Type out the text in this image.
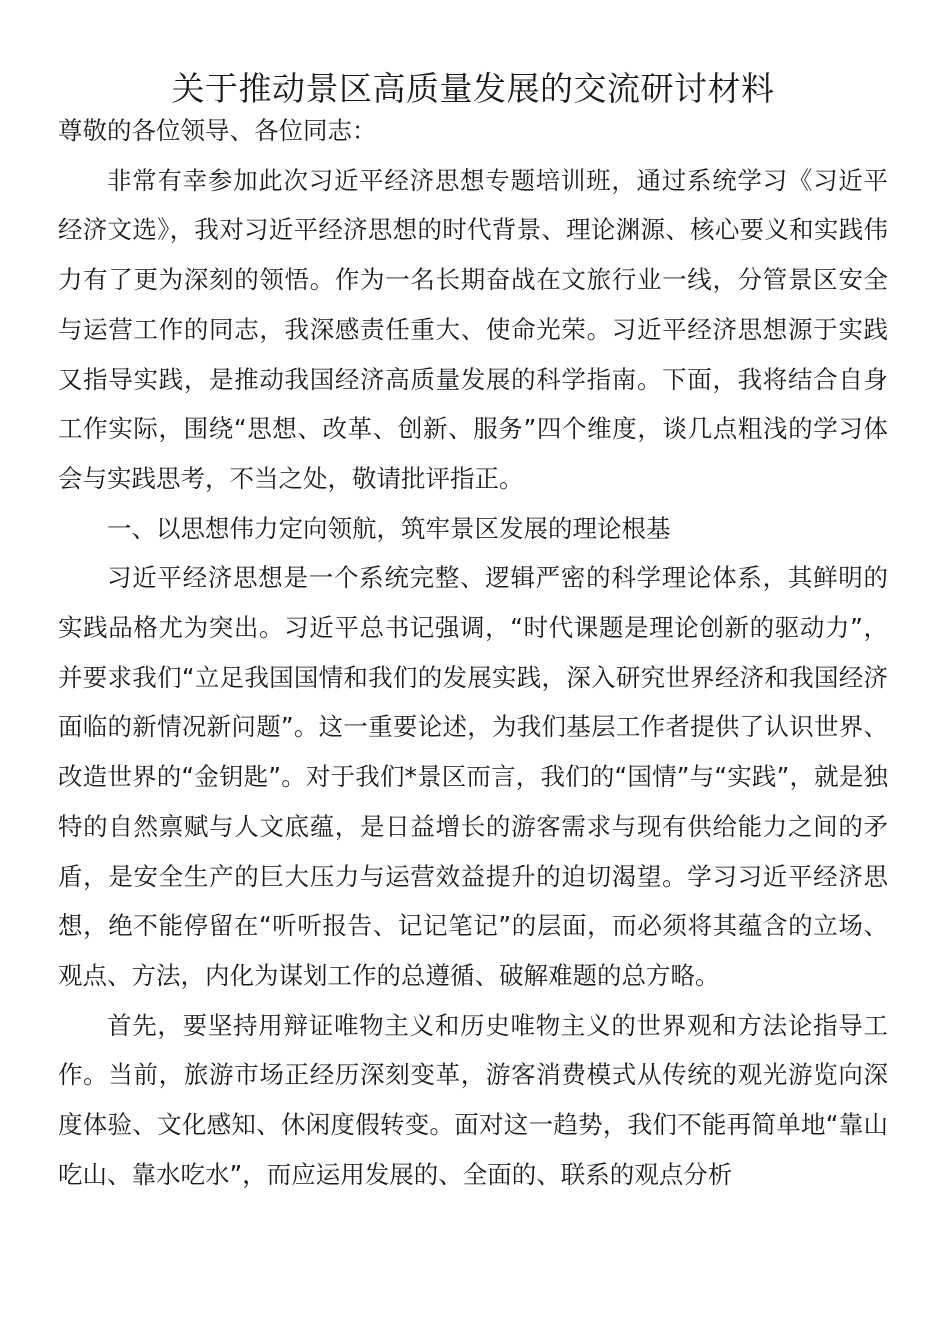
关于推动景区高质量发展的交流研讨材料

尊敬的各位领导、各位同志：

非常有幸参加此次习近平经济思想专题培训班，通过系统学习《习近平经济文选》，我对习近平经济思想的时代背景、理论渊源、核心要义和实践伟力有了更为深刻的领悟。作为一名长期奋战在文旅行业一线，分管景区安全与运营工作的同志，我深感责任重大、使命光荣。习近平经济思想源于实践又指导实践，是推动我国经济高质量发展的科学指南。下面，我将结合自身工作实际，围绕“思想、改革、创新、服务”四个维度，谈几点粗浅的学习体会与实践思考，不当之处，敬请批评指正。

一、以思想伟力定向领航，筑牢景区发展的理论根基

习近平经济思想是一个系统完整、逻辑严密的科学理论体系，其鲜明的实践品格尤为突出。习近平总书记强调，“时代课题是理论创新的驱动力”，并要求我们“立足我国国情和我们的发展实践，深入研究世界经济和我国经济面临的新情况新问题”。这一重要论述，为我们基层工作者提供了认识世界、改造世界的“金钥匙”。对于我们*景区而言，我们的“国情”与“实践”，就是独特的自然禀赋与人文底蕴，是日益增长的游客需求与现有供给能力之间的矛盾，是安全生产的巨大压力与运营效益提升的迫切渴望。学习习近平经济思想，绝不能停留在“听听报告、记记笔记”的层面，而必须将其蕴含的立场、观点、方法，内化为谋划工作的总遵循、破解难题的总方略。

首先，要坚持用辩证唯物主义和历史唯物主义的世界观和方法论指导工作。当前，旅游市场正经历深刻变革，游客消费模式从传统的观光游览向深度体验、文化感知、休闲度假转变。面对这一趋势，我们不能再简单地“靠山吃山、靠水吃水”，而应运用发展的、全面的、联系的观点分析
